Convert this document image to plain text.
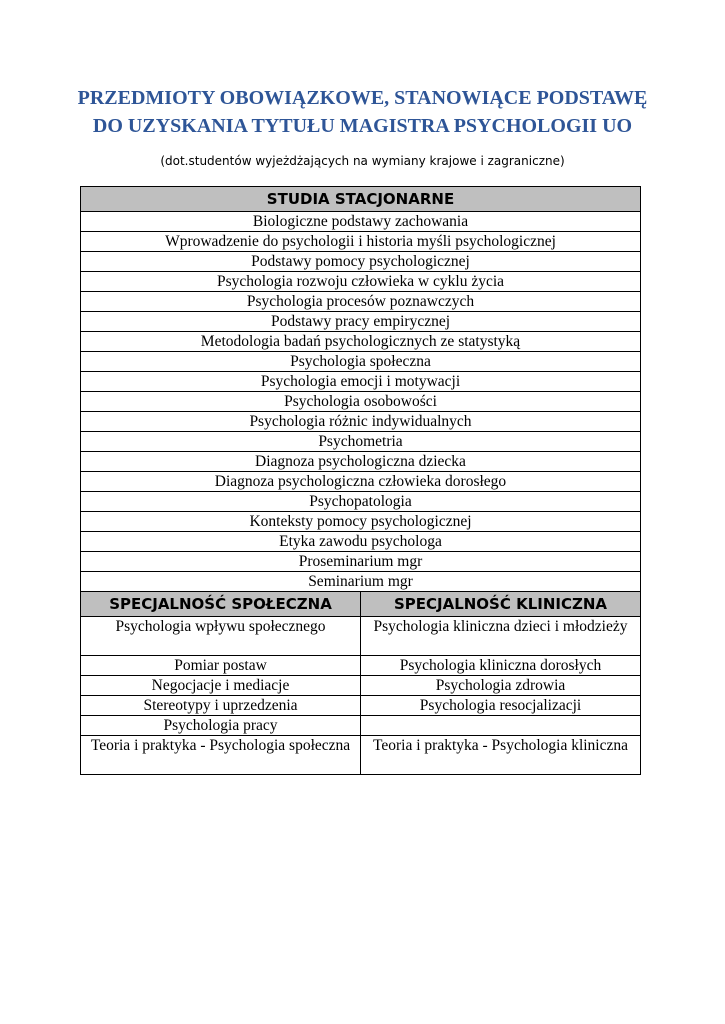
PRZEDMIOTY OBOWIĄZKOWE, STANOWIĄCE PODSTAWĘ
DO UZYSKANIA TYTUŁU MAGISTRA PSYCHOLOGII UO
(dot.studentów wyjeżdżających na wymiany krajowe i zagraniczne)
STUDIA STACJONARNE	
Biologiczne podstawy zachowania	
Wprowadzenie do psychologii i historia myśli psychologicznej	
Podstawy pomocy psychologicznej	
Psychologia rozwoju człowieka w cyklu życia	
Psychologia procesów poznawczych	
Podstawy pracy empirycznej	
Metodologia badań psychologicznych ze statystyką	
Psychologia społeczna	
Psychologia emocji i motywacji	
Psychologia osobowości	
Psychologia różnic indywidualnych	
Psychometria	
Diagnoza psychologiczna dziecka	
Diagnoza psychologiczna człowieka dorosłego	
Psychopatologia	
Konteksty pomocy psychologicznej	
Etyka zawodu psychologa	
Proseminarium mgr	
Seminarium mgr	
SPECJALNOŚĆ SPOŁECZNA	SPECJALNOŚĆ KLINICZNA
Psychologia wpływu społecznego	Psychologia kliniczna dzieci i młodzieży
Pomiar postaw	Psychologia kliniczna dorosłych
Negocjacje i mediacje	Psychologia zdrowia
Stereotypy i uprzedzenia	Psychologia resocjalizacji
Psychologia pracy	
Teoria i praktyka - Psychologia społeczna	Teoria i praktyka - Psychologia kliniczna
